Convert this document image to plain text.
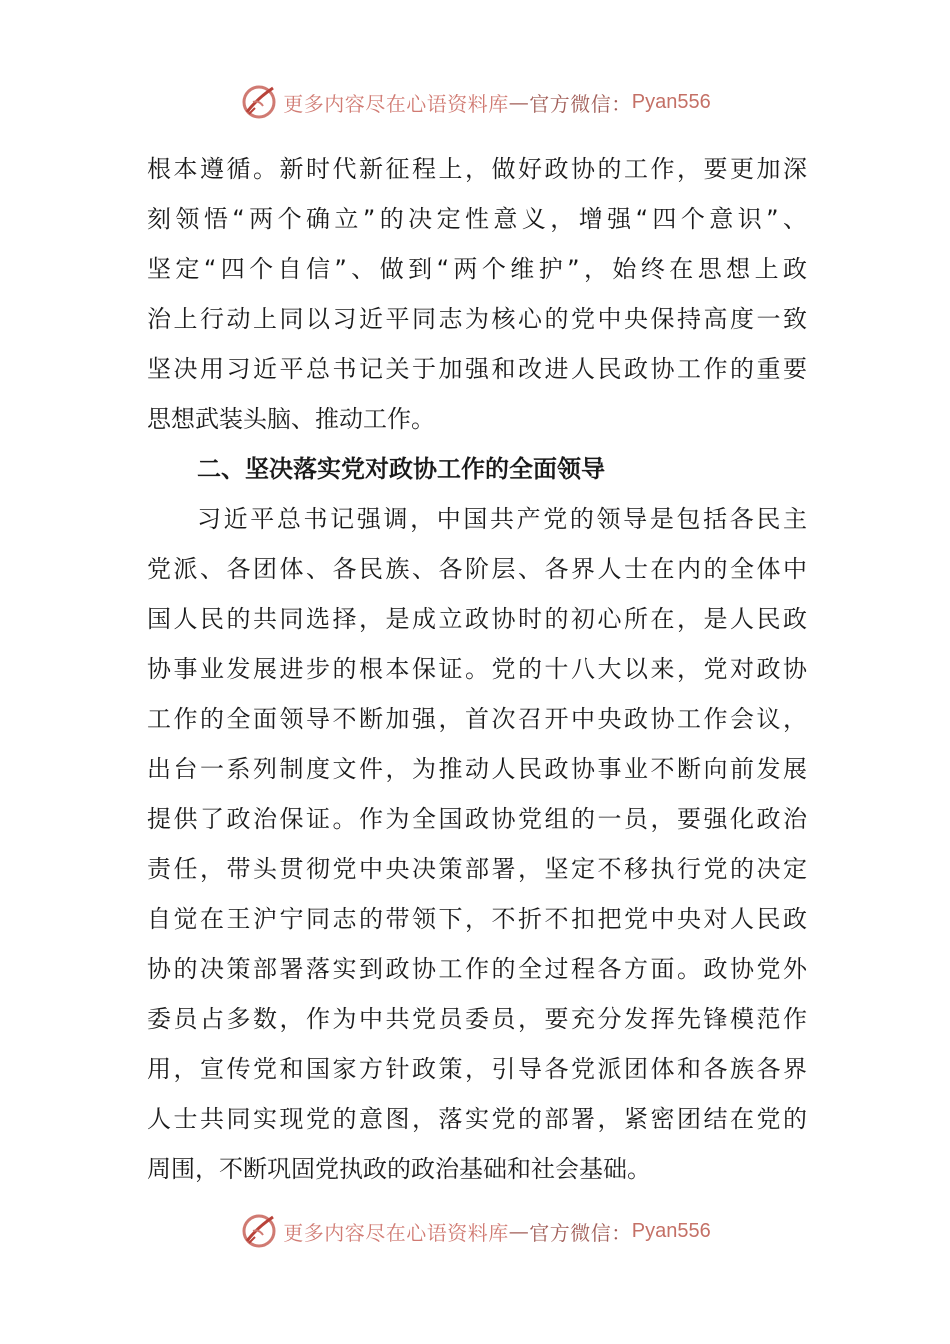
更多内容尽在心语资料库 — 官方微信： Pyan556
根本遵循。新时代新征程上，做好政协的工作，要更加深
刻领悟“两个确立”的决定性意义，增强“四个意识”、
坚定“四个自信”、做到“两个维护”，始终在思想上政
治上行动上同以习近平同志为核心的党中央保持高度一致
坚决用习近平总书记关于加强和改进人民政协工作的重要
思想武装头脑、推动工作。
二、坚决落实党对政协工作的全面领导
习近平总书记强调，中国共产党的领导是包括各民主
党派、各团体、各民族、各阶层、各界人士在内的全体中
国人民的共同选择，是成立政协时的初心所在，是人民政
协事业发展进步的根本保证。党的十八大以来，党对政协
工作的全面领导不断加强，首次召开中央政协工作会议，
出台一系列制度文件，为推动人民政协事业不断向前发展
提供了政治保证。作为全国政协党组的一员，要强化政治
责任，带头贯彻党中央决策部署，坚定不移执行党的决定
自觉在王沪宁同志的带领下，不折不扣把党中央对人民政
协的决策部署落实到政协工作的全过程各方面。政协党外
委员占多数，作为中共党员委员，要充分发挥先锋模范作
用，宣传党和国家方针政策，引导各党派团体和各族各界
人士共同实现党的意图，落实党的部署，紧密团结在党的
周围，不断巩固党执政的政治基础和社会基础。
更多内容尽在心语资料库 — 官方微信： Pyan556
